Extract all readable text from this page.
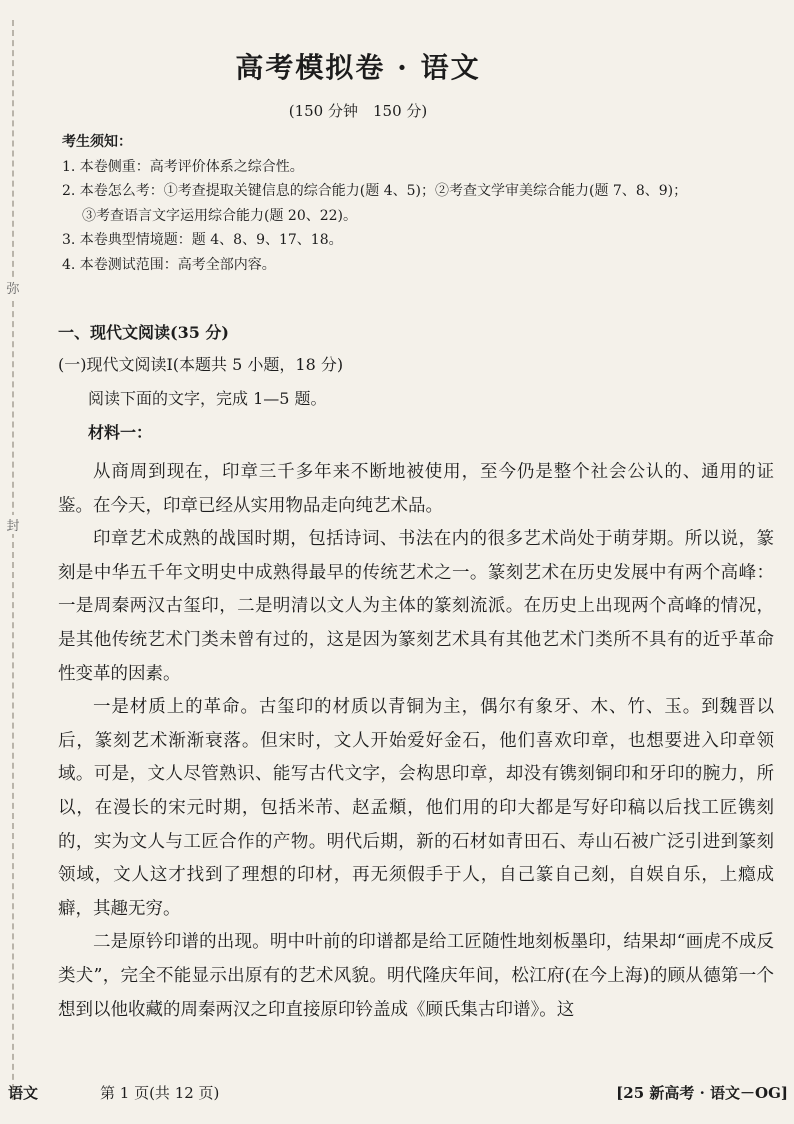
弥
封
高考模拟卷 · 语文
(150 分钟　150 分)
考生须知：
1. 本卷侧重：高考评价体系之综合性。
2. 本卷怎么考：①考查提取关键信息的综合能力(题 4、5)；②考查文学审美综合能力(题 7、8、9)；
③考查语言文字运用综合能力(题 20、22)。
3. 本卷典型情境题：题 4、8、9、17、18。
4. 本卷测试范围：高考全部内容。
一、现代文阅读(35 分)
(一)现代文阅读Ⅰ(本题共 5 小题，18 分)
阅读下面的文字，完成 1—5 题。
材料一：

从商周到现在，印章三千多年来不断地被使用，至今仍是整个社会公认的、通用的证鉴。在今天，印章已经从实用物品走向纯艺术品。

印章艺术成熟的战国时期，包括诗词、书法在内的很多艺术尚处于萌芽期。所以说，篆刻是中华五千年文明史中成熟得最早的传统艺术之一。篆刻艺术在历史发展中有两个高峰：一是周秦两汉古玺印，二是明清以文人为主体的篆刻流派。在历史上出现两个高峰的情况，是其他传统艺术门类未曾有过的，这是因为篆刻艺术具有其他艺术门类所不具有的近乎革命性变革的因素。

一是材质上的革命。古玺印的材质以青铜为主，偶尔有象牙、木、竹、玉。到魏晋以后，篆刻艺术渐渐衰落。但宋时，文人开始爱好金石，他们喜欢印章，也想要进入印章领域。可是，文人尽管熟识、能写古代文字，会构思印章，却没有镌刻铜印和牙印的腕力，所以，在漫长的宋元时期，包括米芾、赵孟頫，他们用的印大都是写好印稿以后找工匠镌刻的，实为文人与工匠合作的产物。明代后期，新的石材如青田石、寿山石被广泛引进到篆刻领域，文人这才找到了理想的印材，再无须假手于人，自己篆自己刻，自娱自乐，上瘾成癖，其趣无穷。

二是原钤印谱的出现。明中叶前的印谱都是给工匠随性地刻板墨印，结果却“画虎不成反类犬”，完全不能显示出原有的艺术风貌。明代隆庆年间，松江府(在今上海)的顾从德第一个想到以他收藏的周秦两汉之印直接原印钤盖成《顾氏集古印谱》。这

语文	第 1 页(共 12 页)	[25 新高考 · 语文－OG]
